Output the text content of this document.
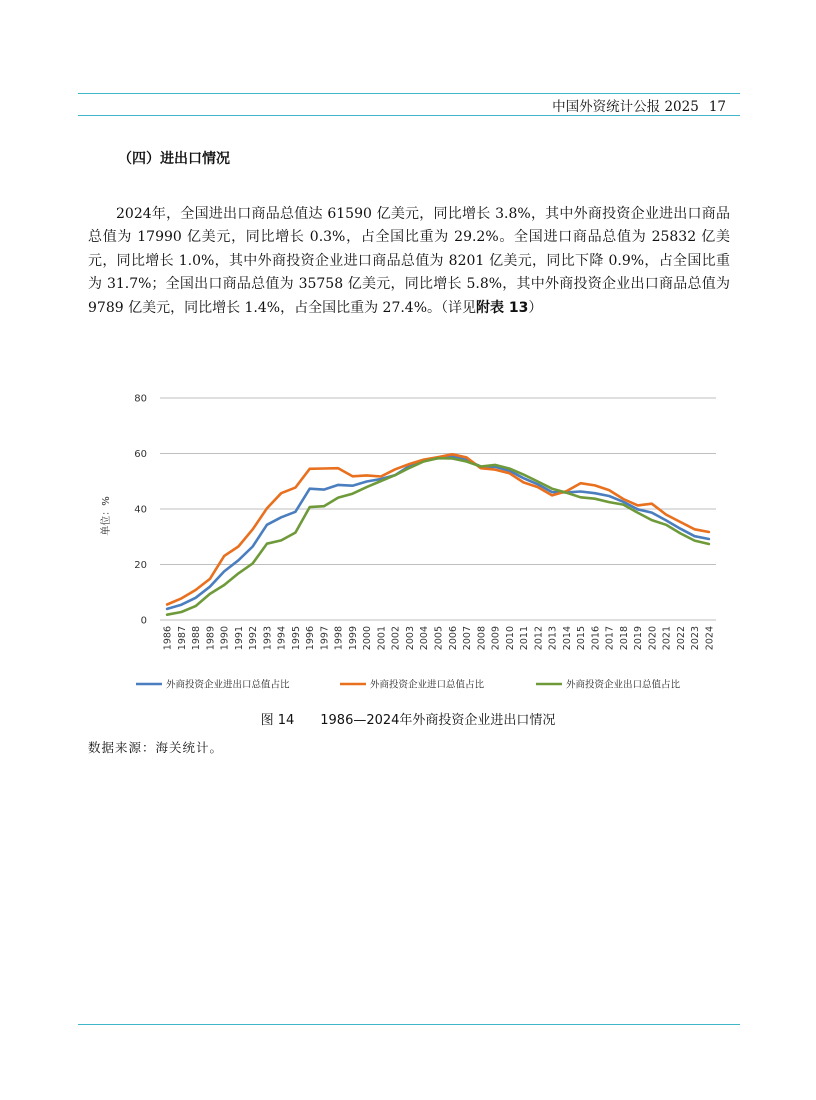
中国外资统计公报 2025 17
（四）进出口情况
2024年，全国进出口商品总值达 61590 亿美元，同比增长 3.8%，其中外商投资企业进出口商品总值为 17990 亿美元，同比增长 0.3%，占全国比重为 29.2%。全国进口商品总值为 25832 亿美元，同比增长 1.0%，其中外商投资企业进口商品总值为 8201 亿美元，同比下降 0.9%，占全国比重为 31.7%；全国出口商品总值为 35758 亿美元，同比增长 5.8%，其中外商投资企业出口商品总值为 9789 亿美元，同比增长 1.4%，占全国比重为 27.4%。（详见附表 13）
0
20
40
60
80
单位：%
1986 1987 1988 1989 1990 1991 1992 1993 1994 1995 1996 1997 1998 1999 2000 2001 2002 2003 2004 2005 2006 2007 2008 2009 2010 2011 2012 2013 2014 2015 2016 2017 2018 2019 2020 2021 2022 2023 2024
外商投资企业进出口总值占比	外商投资企业进口总值占比	外商投资企业出口总值占比
图 14 1986—2024年外商投资企业进出口情况
数据来源：海关统计。
